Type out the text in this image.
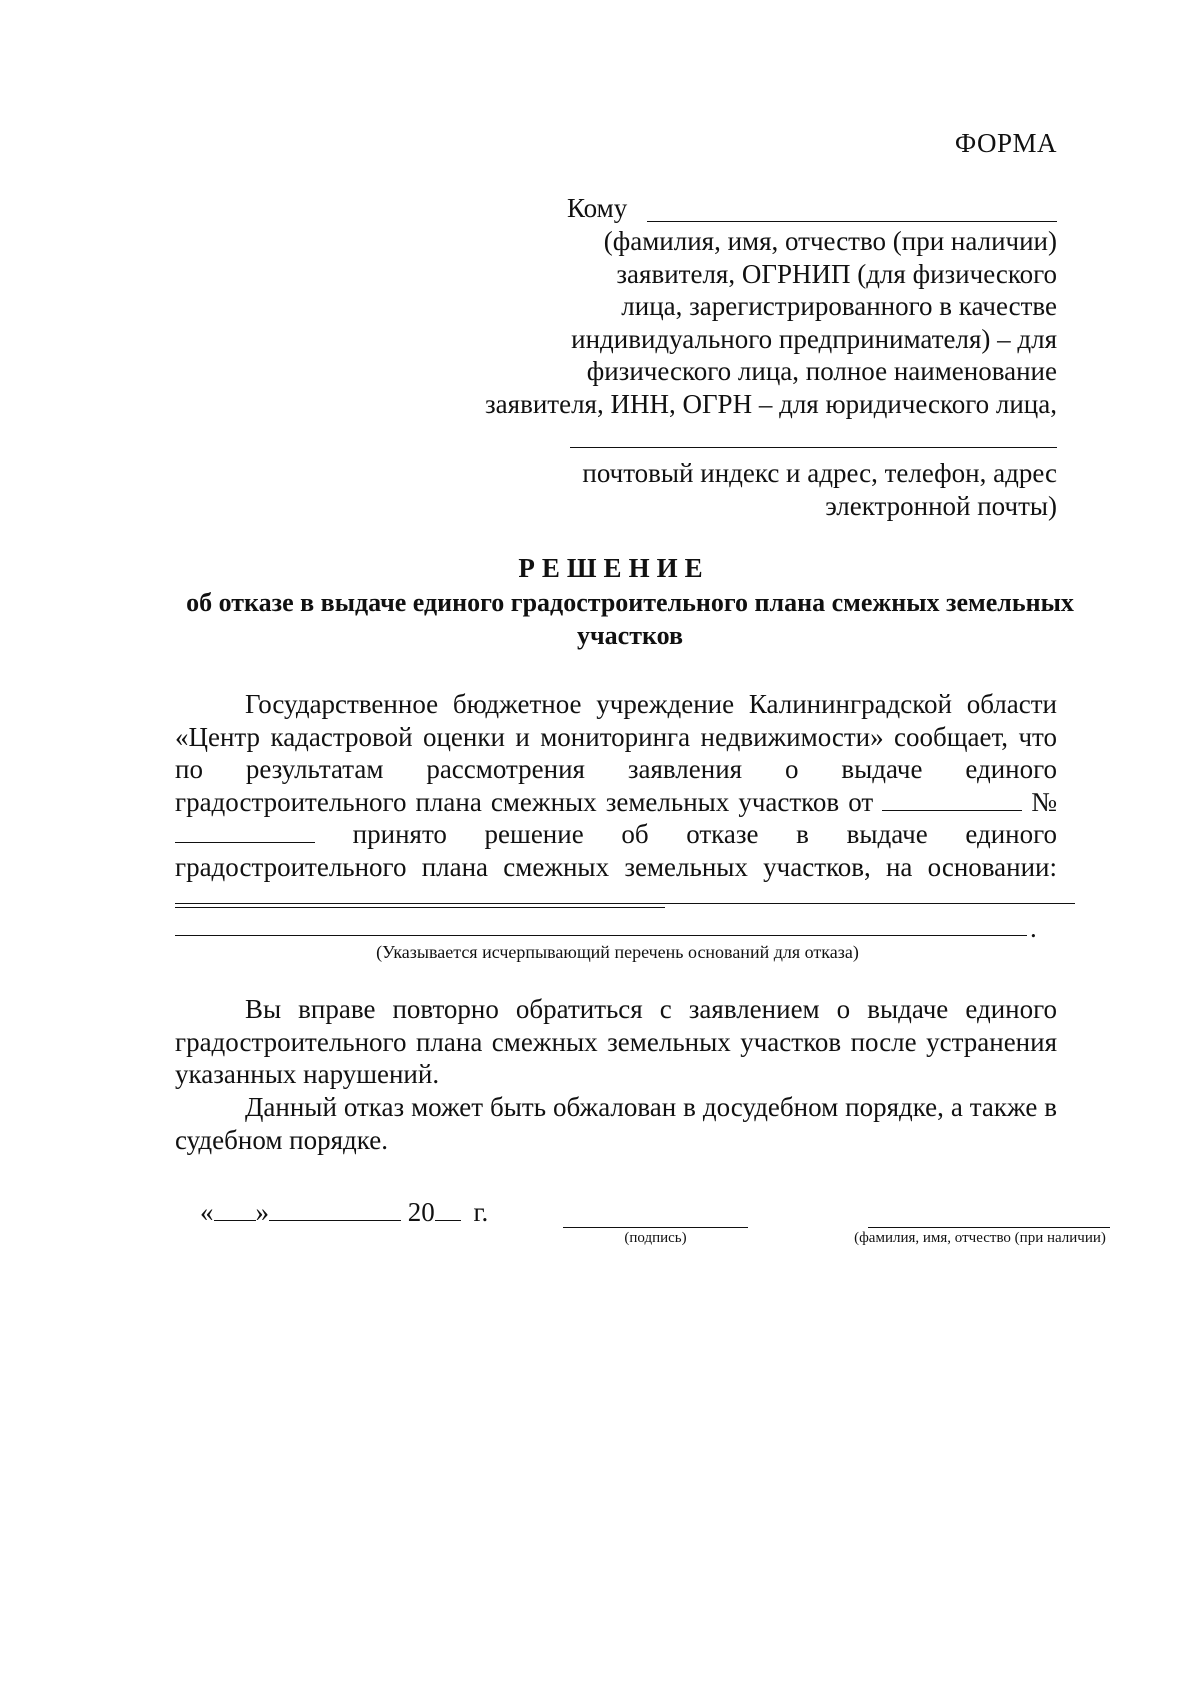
ФОРМА
Кому
(фамилия, имя, отчество (при наличии)
заявителя, ОГРНИП (для физического
лица, зарегистрированного в качестве
индивидуального предпринимателя) – для
физического лица, полное наименование
заявителя, ИНН, ОГРН – для юридического лица,
почтовый индекс и адрес, телефон, адрес
электронной почты)
РЕШЕНИЕ
об отказе в выдаче единого градостроительного плана смежных земельных
участков
Государственное бюджетное учреждение Калининградской области «Центр кадастровой оценки и мониторинга недвижимости» сообщает, что по результатам рассмотрения заявления о выдаче единого градостроительного плана смежных земельных участков от	№  принято решение об отказе в выдаче единого градостроительного плана смежных земельных участков, на основании:
.
(Указывается исчерпывающий перечень оснований для отказа)
Вы вправе повторно обратиться с заявлением о выдаче единого градостроительного плана смежных земельных участков после устранения указанных нарушений.
Данный отказ может быть обжалован в досудебном порядке, а также в судебном порядке.
« »	20 г.
(подпись)	(фамилия, имя, отчество (при наличии)
